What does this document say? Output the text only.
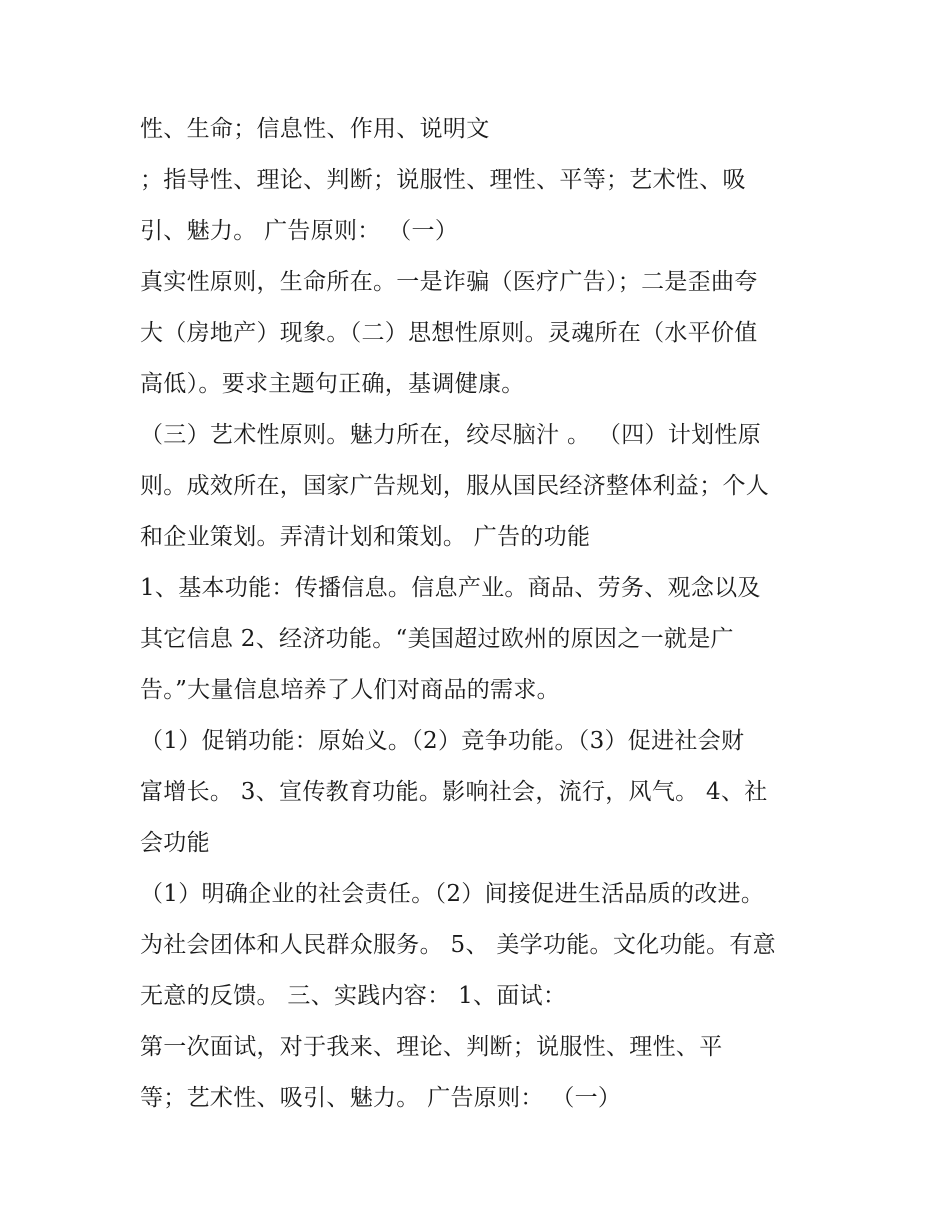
性、生命；信息性、作用、说明文
；指导性、理论、判断；说服性、理性、平等；艺术性、吸
引、魅力。 广告原则： （一）
真实性原则，生命所在。一是诈骗（医疗广告）；二是歪曲夸
大（房地产）现象。（二）思想性原则。灵魂所在（水平价值
高低）。要求主题句正确，基调健康。
（三）艺术性原则。魅力所在，绞尽脑汁 。 （四）计划性原
则。成效所在，国家广告规划，服从国民经济整体利益；个人
和企业策划。弄清计划和策划。 广告的功能
1、基本功能：传播信息。信息产业。商品、劳务、观念以及
其它信息 2、经济功能。“美国超过欧州的原因之一就是广
告。”大量信息培养了人们对商品的需求。
（1）促销功能：原始义。（2）竞争功能。（3）促进社会财
富增长。 3、宣传教育功能。影响社会，流行，风气。 4、社
会功能
（1）明确企业的社会责任。（2）间接促进生活品质的改进。
为社会团体和人民群众服务。 5、 美学功能。文化功能。有意
无意的反馈。 三、实践内容： 1、面试：
第一次面试，对于我来、理论、判断；说服性、理性、平
等；艺术性、吸引、魅力。 广告原则： （一）
